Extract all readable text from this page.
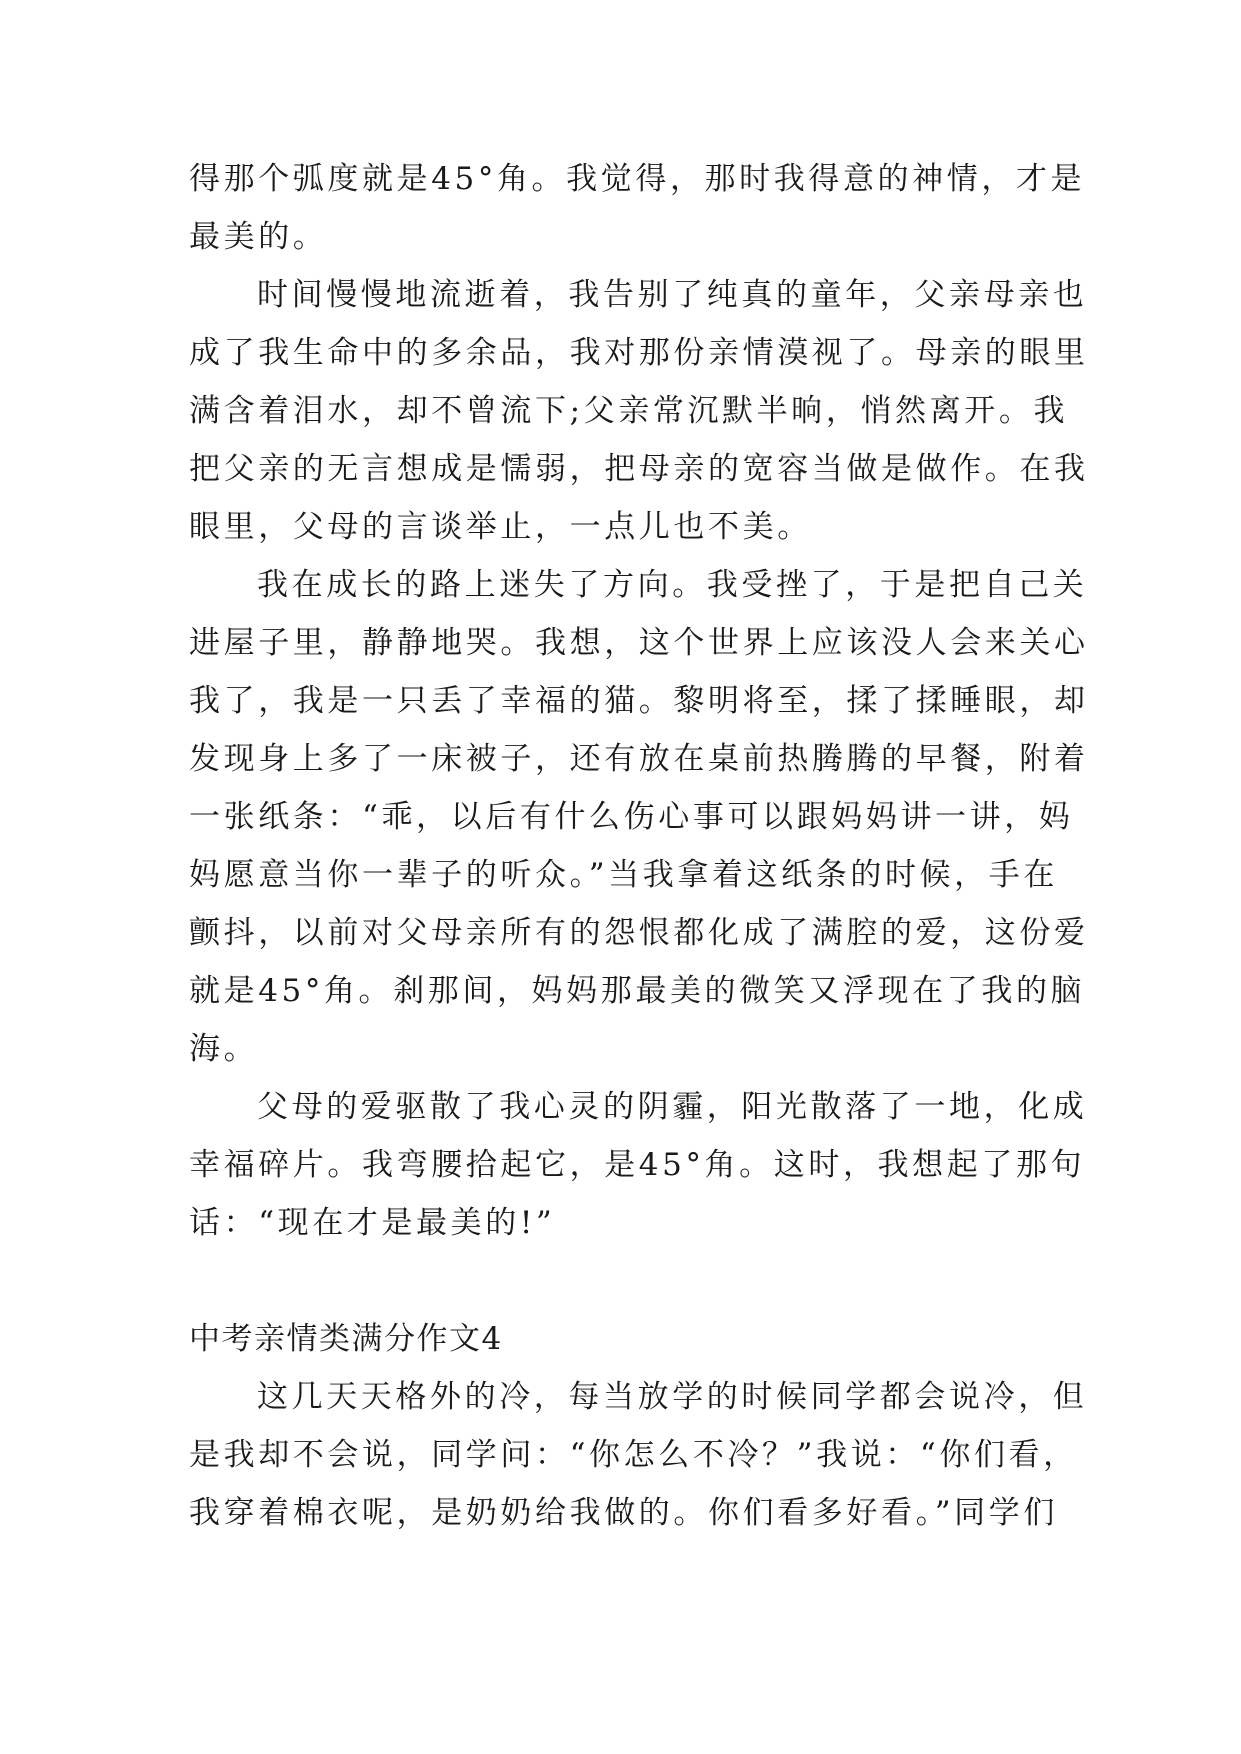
得那个弧度就是45°角。我觉得，那时我得意的神情，才是
最美的。
时间慢慢地流逝着，我告别了纯真的童年，父亲母亲也
成了我生命中的多余品，我对那份亲情漠视了。母亲的眼里
满含着泪水，却不曾流下;父亲常沉默半晌，悄然离开。我
把父亲的无言想成是懦弱，把母亲的宽容当做是做作。在我
眼里，父母的言谈举止，一点儿也不美。
我在成长的路上迷失了方向。我受挫了，于是把自己关
进屋子里，静静地哭。我想，这个世界上应该没人会来关心
我了，我是一只丢了幸福的猫。黎明将至，揉了揉睡眼，却
发现身上多了一床被子，还有放在桌前热腾腾的早餐，附着
一张纸条：“乖，以后有什么伤心事可以跟妈妈讲一讲，妈
妈愿意当你一辈子的听众。”当我拿着这纸条的时候，手在
颤抖，以前对父母亲所有的怨恨都化成了满腔的爱，这份爱
就是45°角。刹那间，妈妈那最美的微笑又浮现在了我的脑
海。
父母的爱驱散了我心灵的阴霾，阳光散落了一地，化成
幸福碎片。我弯腰拾起它，是45°角。这时，我想起了那句
话：“现在才是最美的!”
中考亲情类满分作文4
这几天天格外的冷，每当放学的时候同学都会说冷，但
是我却不会说，同学问：“你怎么不冷？”我说：“你们看，
我穿着棉衣呢，是奶奶给我做的。你们看多好看。”同学们
